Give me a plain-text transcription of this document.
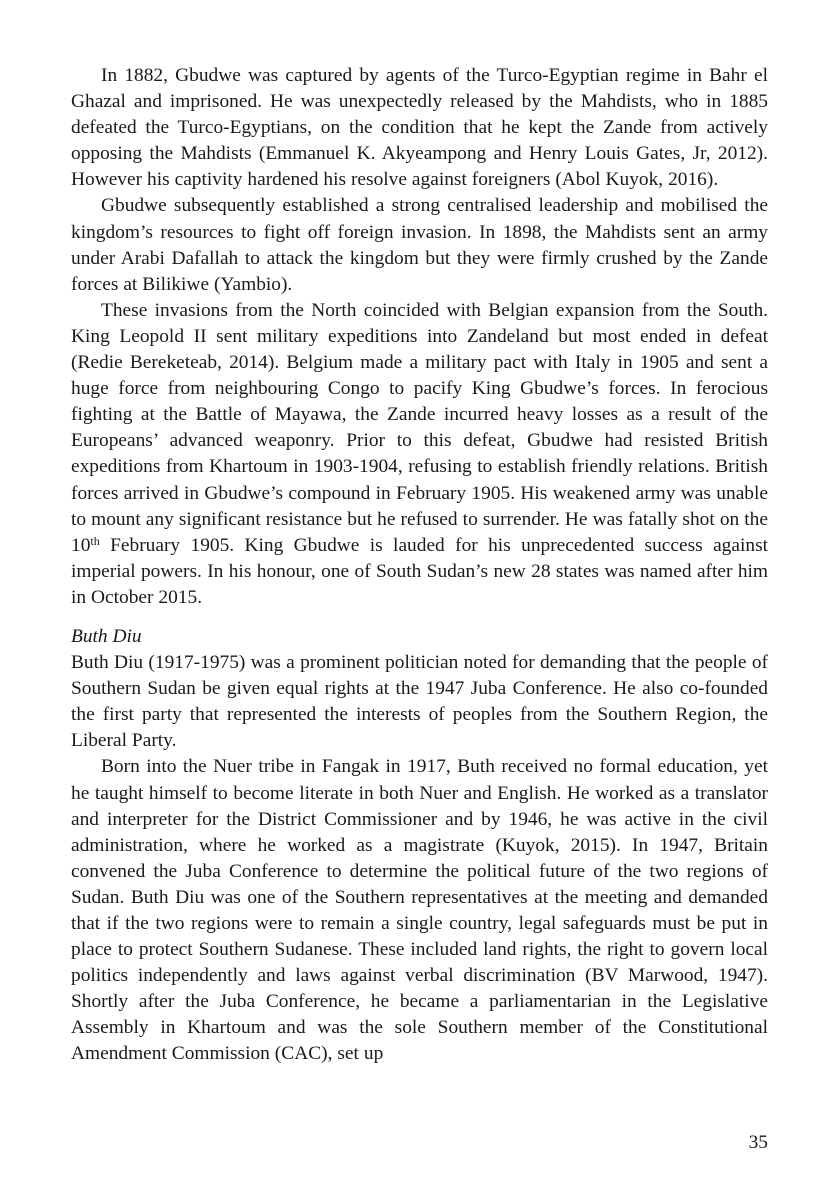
In 1882, Gbudwe was captured by agents of the Turco-Egyptian regime in Bahr el Ghazal and imprisoned. He was unexpectedly released by the Mahdists, who in 1885 defeated the Turco-Egyptians, on the condition that he kept the Zande from actively opposing the Mahdists (Emmanuel K. Akyeampong and Henry Louis Gates, Jr, 2012). However his captivity hardened his resolve against foreigners (Abol Kuyok, 2016).

Gbudwe subsequently established a strong centralised leadership and mobilised the kingdom’s resources to fight off foreign invasion. In 1898, the Mahdists sent an army under Arabi Dafallah to attack the kingdom but they were firmly crushed by the Zande forces at Bilikiwe (Yambio).

These invasions from the North coincided with Belgian expansion from the South. King Leopold II sent military expeditions into Zandeland but most ended in defeat (Redie Bereketeab, 2014). Belgium made a military pact with Italy in 1905 and sent a huge force from neighbouring Congo to pacify King Gbudwe’s forces. In ferocious fighting at the Battle of Mayawa, the Zande incurred heavy losses as a result of the Europeans’ advanced weaponry. Prior to this defeat, Gbudwe had resisted British expeditions from Khartoum in 1903-1904, refusing to establish friendly relations. British forces arrived in Gbudwe’s compound in February 1905. His weakened army was unable to mount any significant resistance but he refused to surrender. He was fatally shot on the 10th February 1905. King Gbudwe is lauded for his unprecedented success against imperial powers. In his honour, one of South Sudan’s new 28 states was named after him in October 2015.

Buth Diu

Buth Diu (1917-1975) was a prominent politician noted for demanding that the people of Southern Sudan be given equal rights at the 1947 Juba Conference. He also co-founded the first party that represented the interests of peoples from the Southern Region, the Liberal Party.

Born into the Nuer tribe in Fangak in 1917, Buth received no formal education, yet he taught himself to become literate in both Nuer and English. He worked as a translator and interpreter for the District Commissioner and by 1946, he was active in the civil administration, where he worked as a magistrate (Kuyok, 2015). In 1947, Britain convened the Juba Conference to determine the political future of the two regions of Sudan. Buth Diu was one of the Southern representatives at the meeting and demanded that if the two regions were to remain a single country, legal safeguards must be put in place to protect Southern Sudanese. These included land rights, the right to govern local politics independently and laws against verbal discrimination (BV Marwood, 1947). Shortly after the Juba Conference, he became a parliamentarian in the Legislative Assembly in Khartoum and was the sole Southern member of the Constitutional Amendment Commission (CAC), set up

35
